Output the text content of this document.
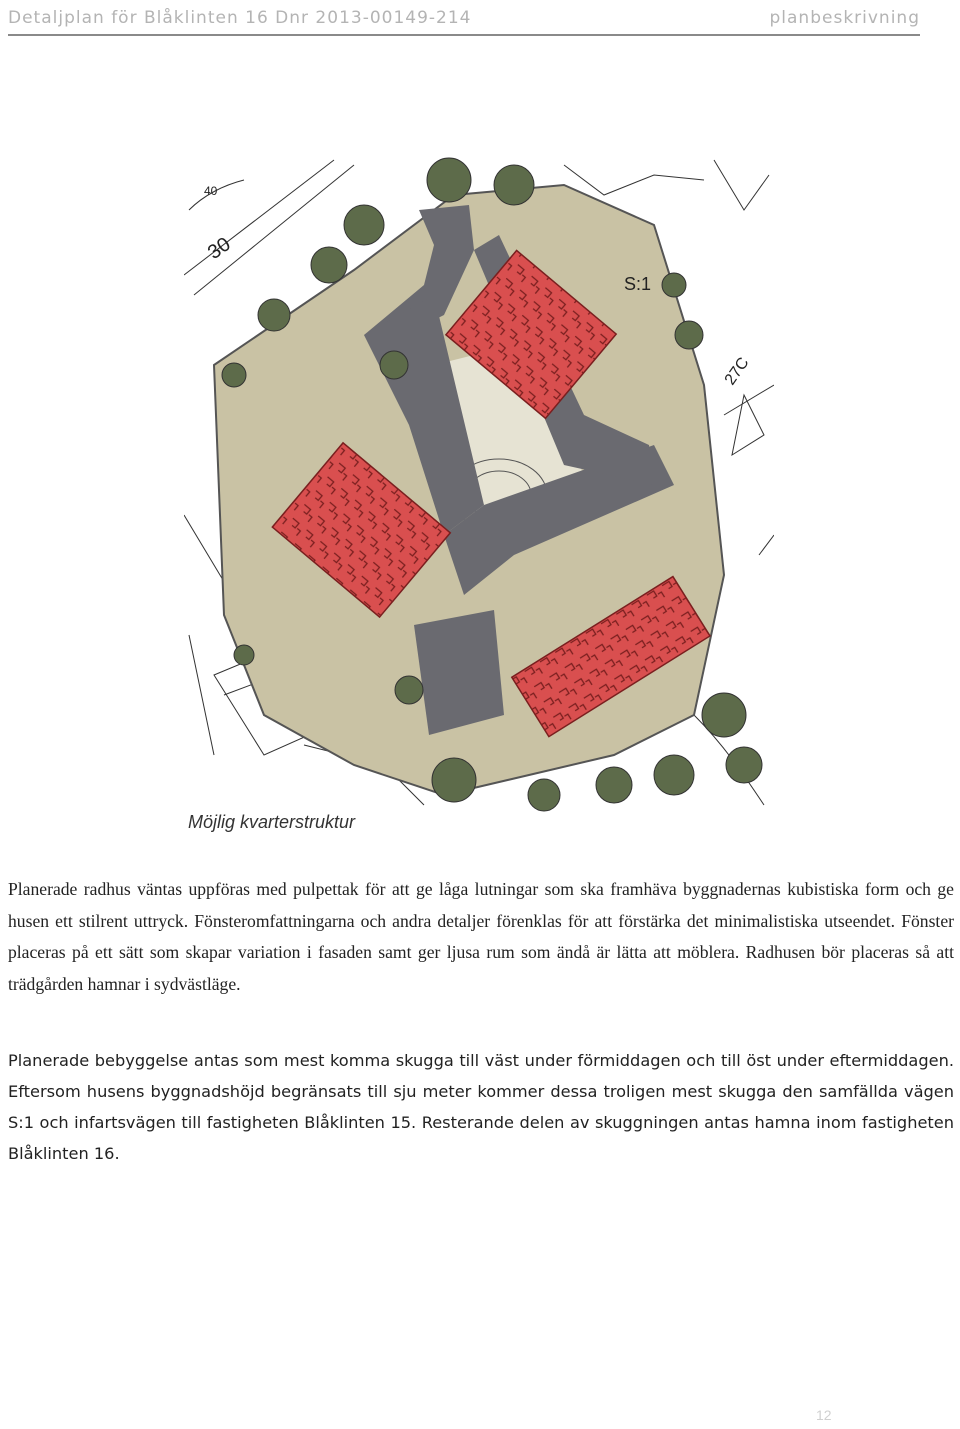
Detaljplan för Blåklinten 16 Dnr 2013-00149-214	planbeskrivning
S:1
40
30
27C
Möjlig kvarterstruktur

Planerade radhus väntas uppföras med pulpettak för att ge låga lutningar som ska framhäva byggnadernas kubistiska form och ge husen ett stilrent uttryck. Fönsteromfattningarna och andra detaljer förenklas för att förstärka det minimalistiska utseendet. Fönster placeras på ett sätt som skapar variation i fasaden samt ger ljusa rum som ändå är lätta att möblera. Radhusen bör placeras så att trädgården hamnar i sydvästläge.

Planerade bebyggelse antas som mest komma skugga till väst under förmiddagen och till öst under eftermiddagen. Eftersom husens byggnadshöjd begränsats till sju meter kommer dessa troligen mest skugga den samfällda vägen S:1 och infartsvägen till fastigheten Blåklinten 15. Resterande delen av skuggningen antas hamna inom fastigheten Blåklinten 16.

12
